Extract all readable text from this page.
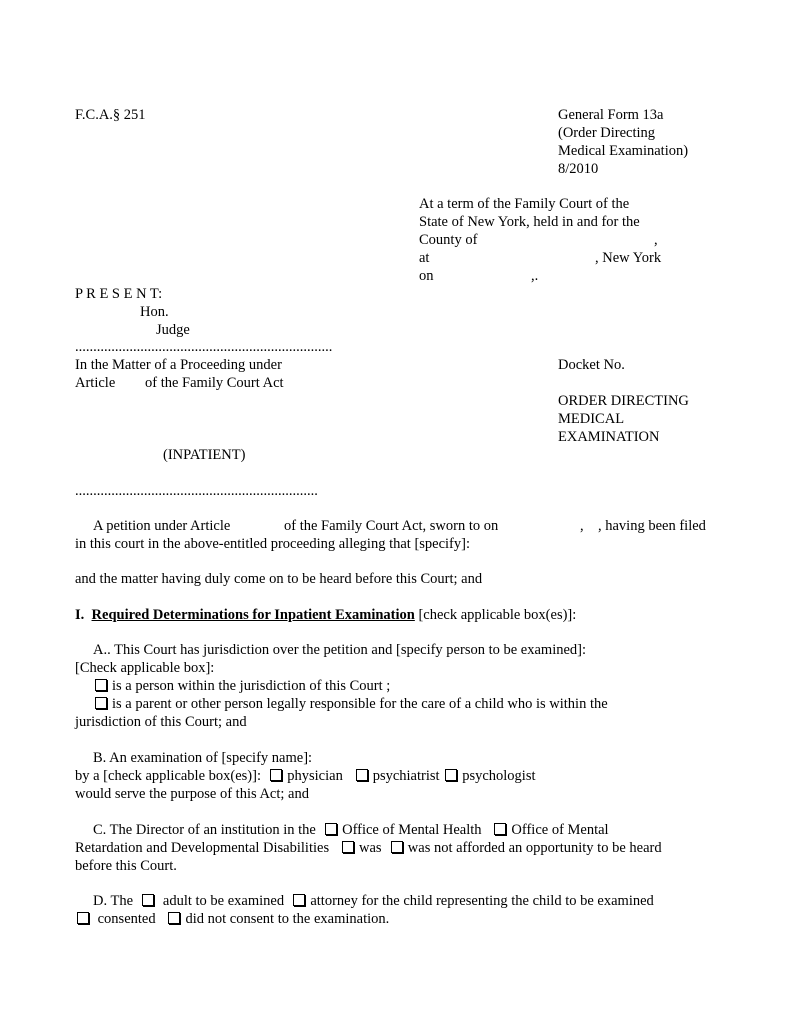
F.C.A.§ 251	General Form 13a
(Order Directing
Medical Examination)
8/2010
At a term of the Family Court of the
State of New York, held in and for the
County of	,
at	, New York
on	,.
P R E S E N T:
Hon.
Judge
.......................................................................
In the Matter of a Proceeding under
Article of the Family Court Act
(INPATIENT)
...................................................................
Docket No.
ORDER DIRECTING
MEDICAL
EXAMINATION
A petition under Article	of the Family Court Act, sworn to on	, , having been filed
in this court in the above-entitled proceeding alleging that [specify]:
and the matter having duly come on to be heard before this Court; and
I. Required Determinations for Inpatient Examination [check applicable box(es)]:
A.. This Court has jurisdiction over the petition and [specify person to be examined]:
[Check applicable box]:
is a person within the jurisdiction of this Court ;
is a parent or other person legally responsible for the care of a child who is within the
jurisdiction of this Court; and
B. An examination of [specify name]:
by a [check applicable box(es)]: physician psychiatrist psychologist
would serve the purpose of this Act; and
C. The Director of an institution in the Office of Mental Health Office of Mental
Retardation and Developmental Disabilities was was not afforded an opportunity to be heard
before this Court.
D. The adult to be examined attorney for the child representing the child to be examined
consented did not consent to the examination.
